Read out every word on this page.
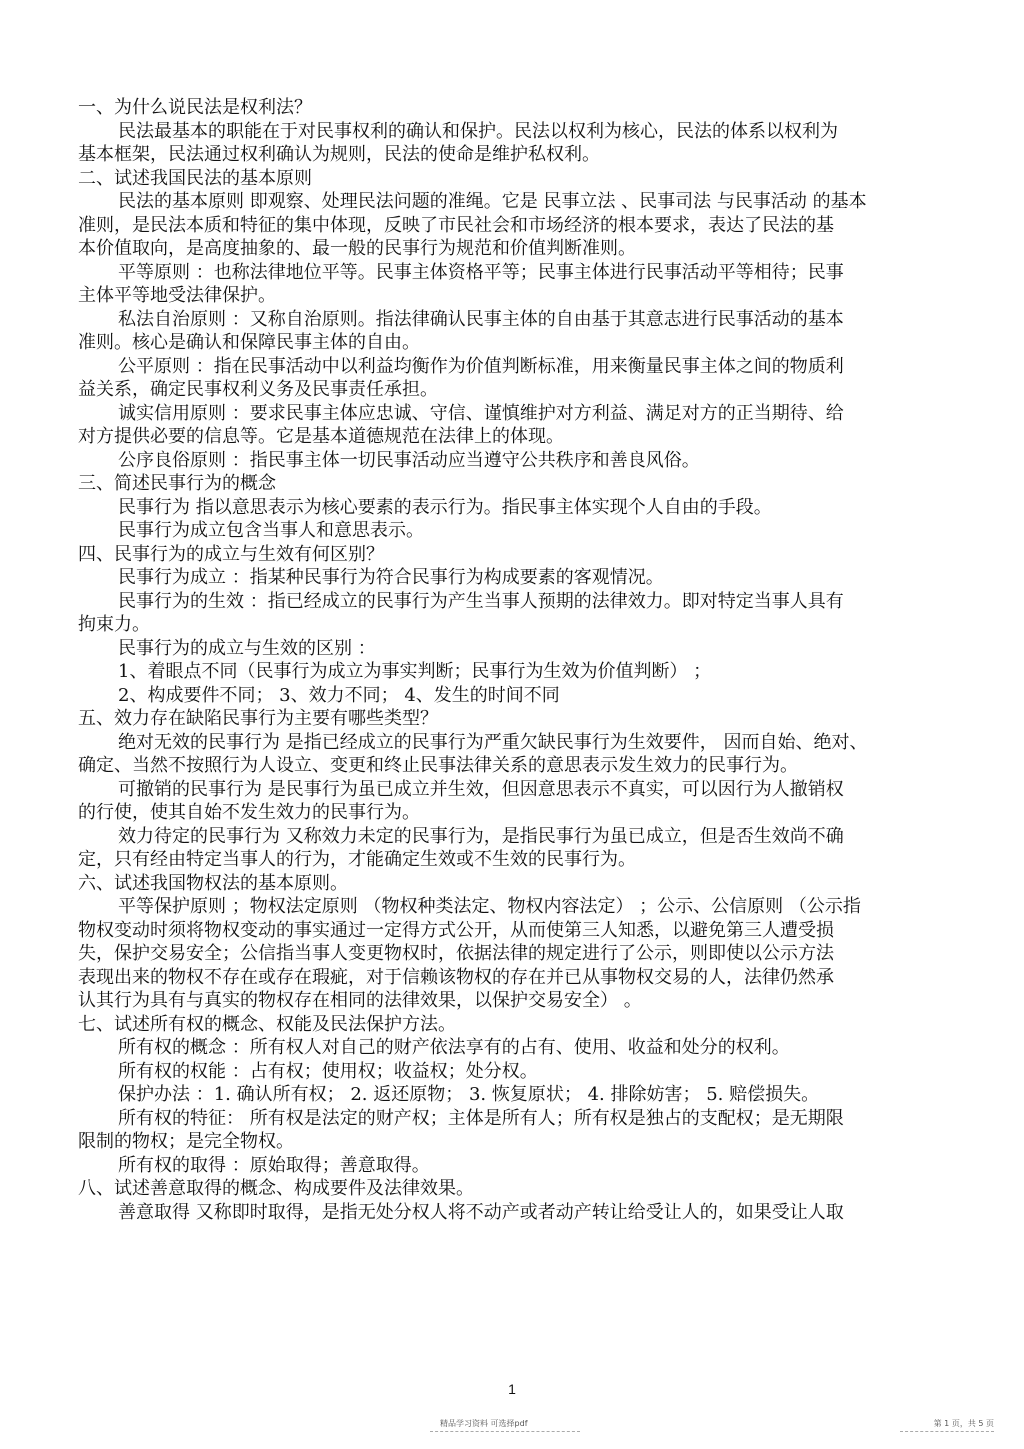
一、为什么说民法是权利法？
民法最基本的职能在于对民事权利的确认和保护。民法以权利为核心，民法的体系以权利为
基本框架，民法通过权利确认为规则，民法的使命是维护私权利。
二、试述我国民法的基本原则
民法的基本原则 即观察、处理民法问题的准绳。它是 民事立法 、民事司法 与民事活动 的基本
准则，是民法本质和特征的集中体现，反映了市民社会和市场经济的根本要求，表达了民法的基
本价值取向，是高度抽象的、最一般的民事行为规范和价值判断准则。
平等原则 ：也称法律地位平等。民事主体资格平等；民事主体进行民事活动平等相待；民事
主体平等地受法律保护。
私法自治原则 ：又称自治原则。指法律确认民事主体的自由基于其意志进行民事活动的基本
准则。核心是确认和保障民事主体的自由。
公平原则 ：指在民事活动中以利益均衡作为价值判断标准，用来衡量民事主体之间的物质利
益关系，确定民事权利义务及民事责任承担。
诚实信用原则 ：要求民事主体应忠诚、守信、谨慎维护对方利益、满足对方的正当期待、给
对方提供必要的信息等。它是基本道德规范在法律上的体现。
公序良俗原则 ：指民事主体一切民事活动应当遵守公共秩序和善良风俗。
三、简述民事行为的概念
民事行为 指以意思表示为核心要素的表示行为。指民事主体实现个人自由的手段。
民事行为成立包含当事人和意思表示。
四、民事行为的成立与生效有何区别？
民事行为成立 ：指某种民事行为符合民事行为构成要素的客观情况。
民事行为的生效 ：指已经成立的民事行为产生当事人预期的法律效力。即对特定当事人具有
拘束力。
民事行为的成立与生效的区别 ：
1、着眼点不同（民事行为成立为事实判断；民事行为生效为价值判断） ；
2、构成要件不同； 3、效力不同； 4、发生的时间不同
五、效力存在缺陷民事行为主要有哪些类型？
绝对无效的民事行为 是指已经成立的民事行为严重欠缺民事行为生效要件， 因而自始、绝对、
确定、当然不按照行为人设立、变更和终止民事法律关系的意思表示发生效力的民事行为。
可撤销的民事行为 是民事行为虽已成立并生效，但因意思表示不真实，可以因行为人撤销权
的行使，使其自始不发生效力的民事行为。
效力待定的民事行为 又称效力未定的民事行为，是指民事行为虽已成立，但是否生效尚不确
定，只有经由特定当事人的行为，才能确定生效或不生效的民事行为。
六、试述我国物权法的基本原则。
平等保护原则 ；物权法定原则 （物权种类法定、物权内容法定） ；公示、公信原则 （公示指
物权变动时须将物权变动的事实通过一定得方式公开，从而使第三人知悉，以避免第三人遭受损
失，保护交易安全；公信指当事人变更物权时，依据法律的规定进行了公示，则即使以公示方法
表现出来的物权不存在或存在瑕疵，对于信赖该物权的存在并已从事物权交易的人，法律仍然承
认其行为具有与真实的物权存在相同的法律效果，以保护交易安全） 。
七、试述所有权的概念、权能及民法保护方法。
所有权的概念 ：所有权人对自己的财产依法享有的占有、使用、收益和处分的权利。
所有权的权能 ：占有权；使用权；收益权；处分权。
保护办法 ：1. 确认所有权； 2. 返还原物； 3. 恢复原状； 4. 排除妨害； 5. 赔偿损失。
所有权的特征： 所有权是法定的财产权；主体是所有人；所有权是独占的支配权；是无期限
限制的物权；是完全物权。
所有权的取得 ：原始取得；善意取得。
八、试述善意取得的概念、构成要件及法律效果。
善意取得 又称即时取得，是指无处分权人将不动产或者动产转让给受让人的，如果受让人取
1
精品学习资料 可选择pdf	第 1 页，共 5 页
